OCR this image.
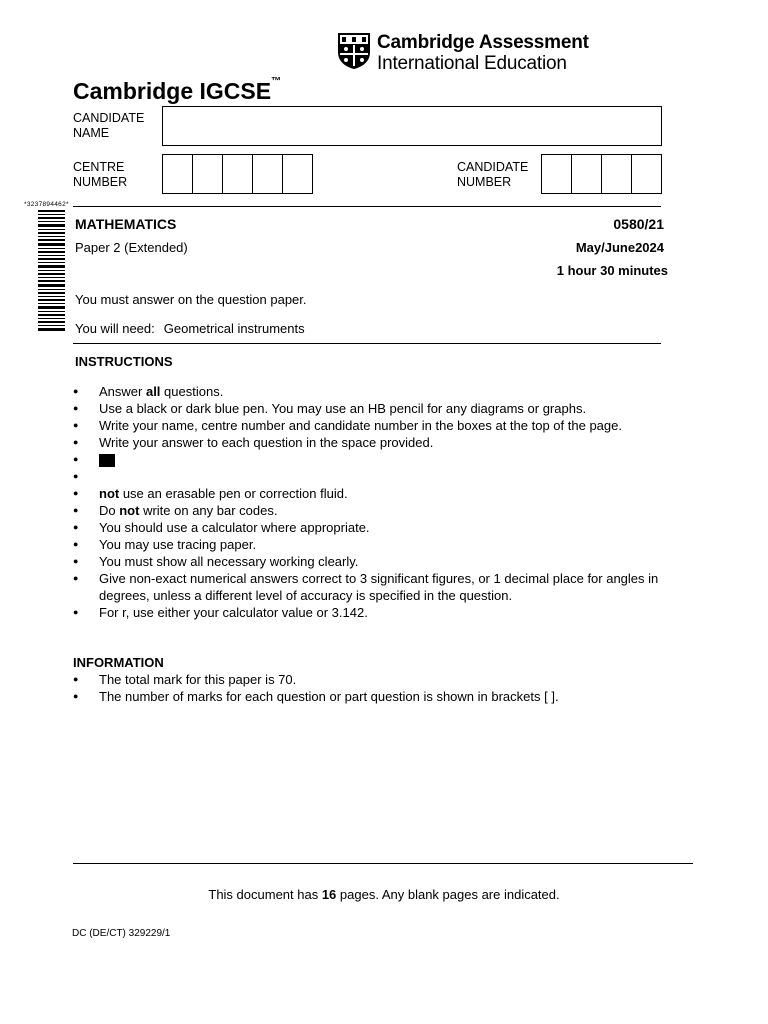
Cambridge Assessment
International Education
Cambridge IGCSE™
CANDIDATE
NAME
CENTRE
NUMBER
CANDIDATE
NUMBER
*3237894462*
MATHEMATICS	0580/21
Paper 2 (Extended)	May/June2024
1 hour 30 minutes
You must answer on the question paper.
You will need: Geometrical instruments
INSTRUCTIONS
● Answer all questions.
● Use a black or dark blue pen. You may use an HB pencil for any diagrams or graphs.
● Write your name, centre number and candidate number in the boxes at the top of the page.
● Write your answer to each question in the space provided.
●
●
● not use an erasable pen or correction fluid.
● Do not write on any bar codes.
● You should use a calculator where appropriate.
● You may use tracing paper.
● You must show all necessary working clearly.
● Give non-exact numerical answers correct to 3 significant figures, or 1 decimal place for angles in degrees, unless a different level of accuracy is specified in the question.
● For r, use either your calculator value or 3.142.
INFORMATION
● The total mark for this paper is 70.
● The number of marks for each question or part question is shown in brackets [ ].
This document has 16 pages. Any blank pages are indicated.
DC (DE/CT) 329229/1
